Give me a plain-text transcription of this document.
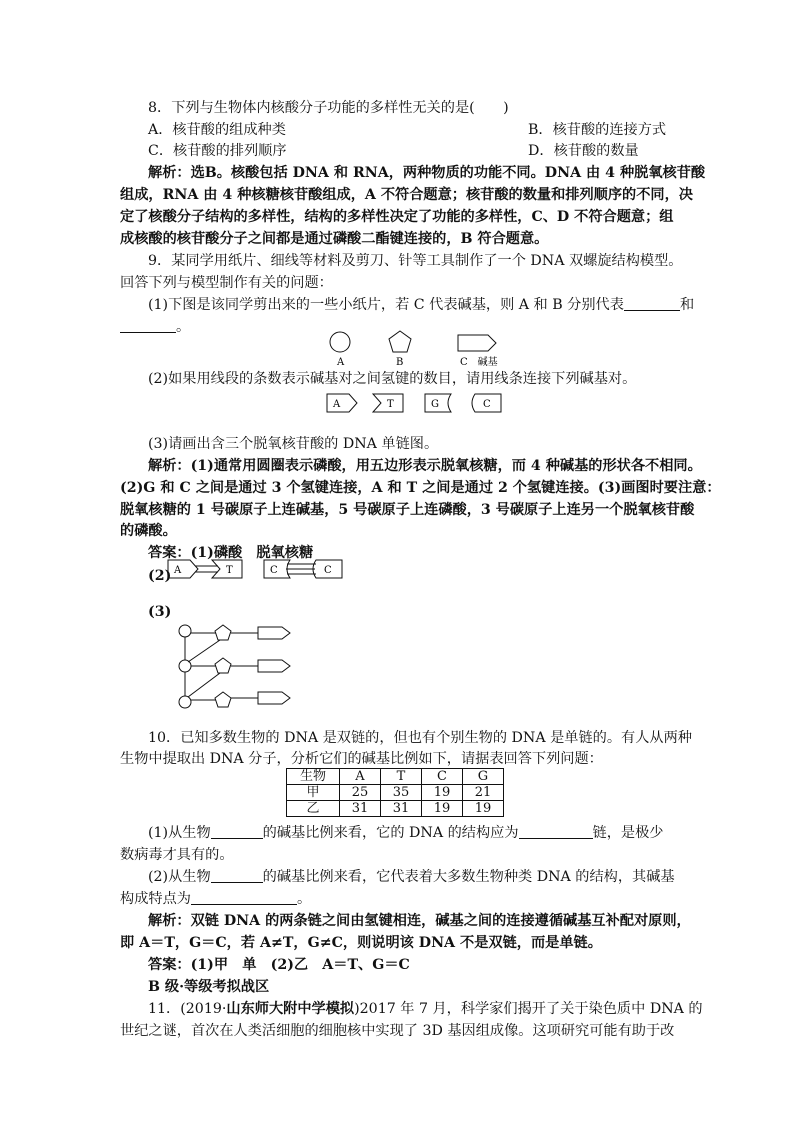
8．下列与生物体内核酸分子功能的多样性无关的是(　　)
A．核苷酸的组成种类	B．核苷酸的连接方式
C．核苷酸的排列顺序	D．核苷酸的数量
解析：选B。核酸包括 DNA 和 RNA，两种物质的功能不同。DNA 由 4 种脱氧核苷酸
组成，RNA 由 4 种核糖核苷酸组成，A 不符合题意；核苷酸的数量和排列顺序的不同，决
定了核酸分子结构的多样性，结构的多样性决定了功能的多样性，C、D 不符合题意；组
成核酸的核苷酸分子之间都是通过磷酸二酯键连接的，B 符合题意。
9．某同学用纸片、细线等材料及剪刀、针等工具制作了一个 DNA 双螺旋结构模型。
回答下列与模型制作有关的问题：
(1)下图是该同学剪出来的一些小纸片，若 C 代表碱基，则 A 和 B 分别代表	和
。
A	B	C　碱基
(2)如果用线段的条数表示碱基对之间氢键的数目，请用线条连接下列碱基对。
A	T	G	C
(3)请画出含三个脱氧核苷酸的 DNA 单链图。
解析：(1)通常用圆圈表示磷酸，用五边形表示脱氧核糖，而 4 种碱基的形状各不相同。
(2)G 和 C 之间是通过 3 个氢键连接，A 和 T 之间是通过 2 个氢键连接。(3)画图时要注意：
脱氧核糖的 1 号碳原子上连碱基，5 号碳原子上连磷酸，3 号碳原子上连另一个脱氧核苷酸
的磷酸。
答案：(1)磷酸　脱氧核糖
(2) A	T	C	C
(3)
10．已知多数生物的 DNA 是双链的，但也有个别生物的 DNA 是单链的。有人从两种
生物中提取出 DNA 分子，分析它们的碱基比例如下，请据表回答下列问题：
生物	A	T	C	G
甲	25	35	19	21
乙	31	31	19	19
(1)从生物	的碱基比例来看，它的 DNA 的结构应为	链，是极少
数病毒才具有的。
(2)从生物	的碱基比例来看，它代表着大多数生物种类 DNA 的结构，其碱基
构成特点为	。
解析：双链 DNA 的两条链之间由氢键相连，碱基之间的连接遵循碱基互补配对原则，
即 A＝T，G＝C，若 A≠T，G≠C，则说明该 DNA 不是双链，而是单链。
答案：(1)甲　单　(2)乙　A＝T、G＝C
B 级·等级考拟战区
11．(2019·山东师大附中学模拟)2017 年 7 月，科学家们揭开了关于染色质中 DNA 的
世纪之谜，首次在人类活细胞的细胞核中实现了 3D 基因组成像。这项研究可能有助于改
